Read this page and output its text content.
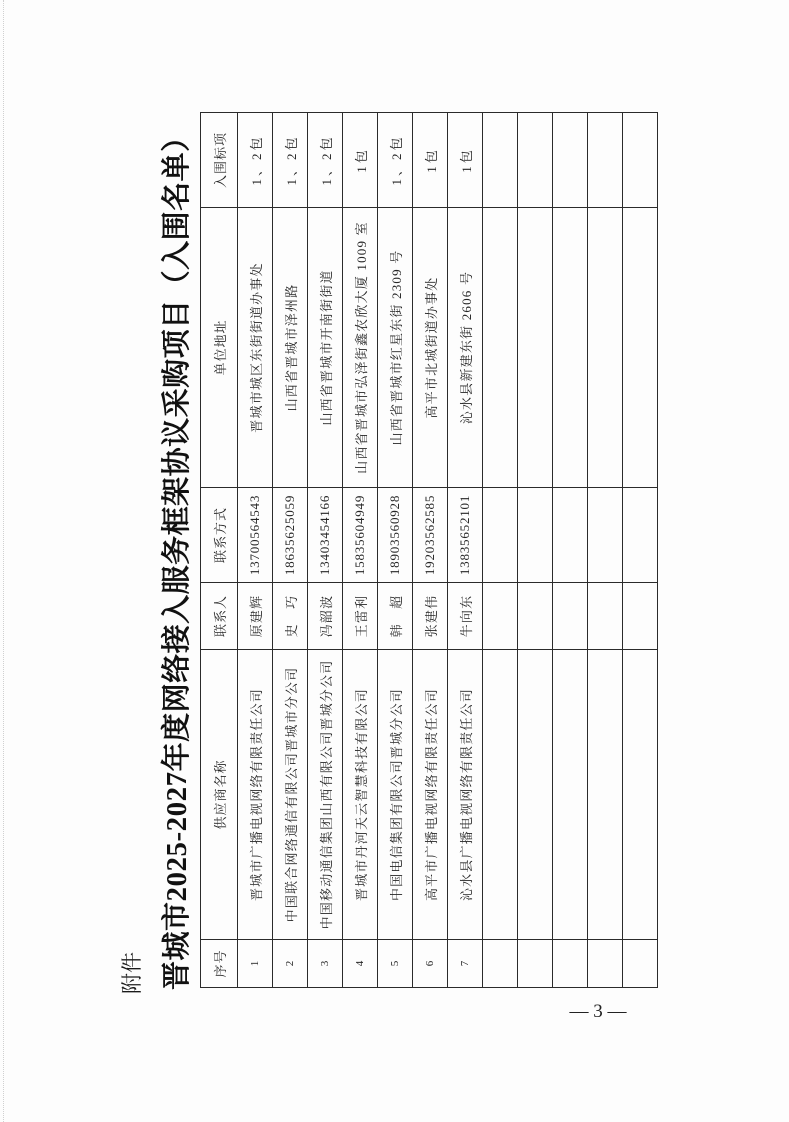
附件 晋城市2025-2027年度网络接入服务框架协议采购项目（入围名单） 序号	供应商名称	联系人	联系方式	单位地址	入围标项
1	晋城市广播电视网络有限责任公司	原建辉	13700564543	晋城市城区东街街道办事处	1、2包
2	中国联合网络通信有限公司晋城市分公司	史　巧	18635625059	山西省晋城市泽州路	1、2包
3	中国移动通信集团山西有限公司晋城分公司	冯韶波	13403454166	山西省晋城市开南街街道	1、2包
4	晋城市丹河天云智慧科技有限公司	王雷利	15835604949	山西省晋城市弘泽街鑫农欣大厦 1009 室	1包
5	中国电信集团有限公司晋城分公司	韩　超	18903560928	山西省晋城市红星东街 2309 号	1、2包
6	高平市广播电视网络有限责任公司	张建伟	19203562585	高平市北城街道办事处	1包
7	沁水县广播电视网络有限责任公司	牛向东	13835652101	沁水县新建东街 2606 号	1包

— 3 —
